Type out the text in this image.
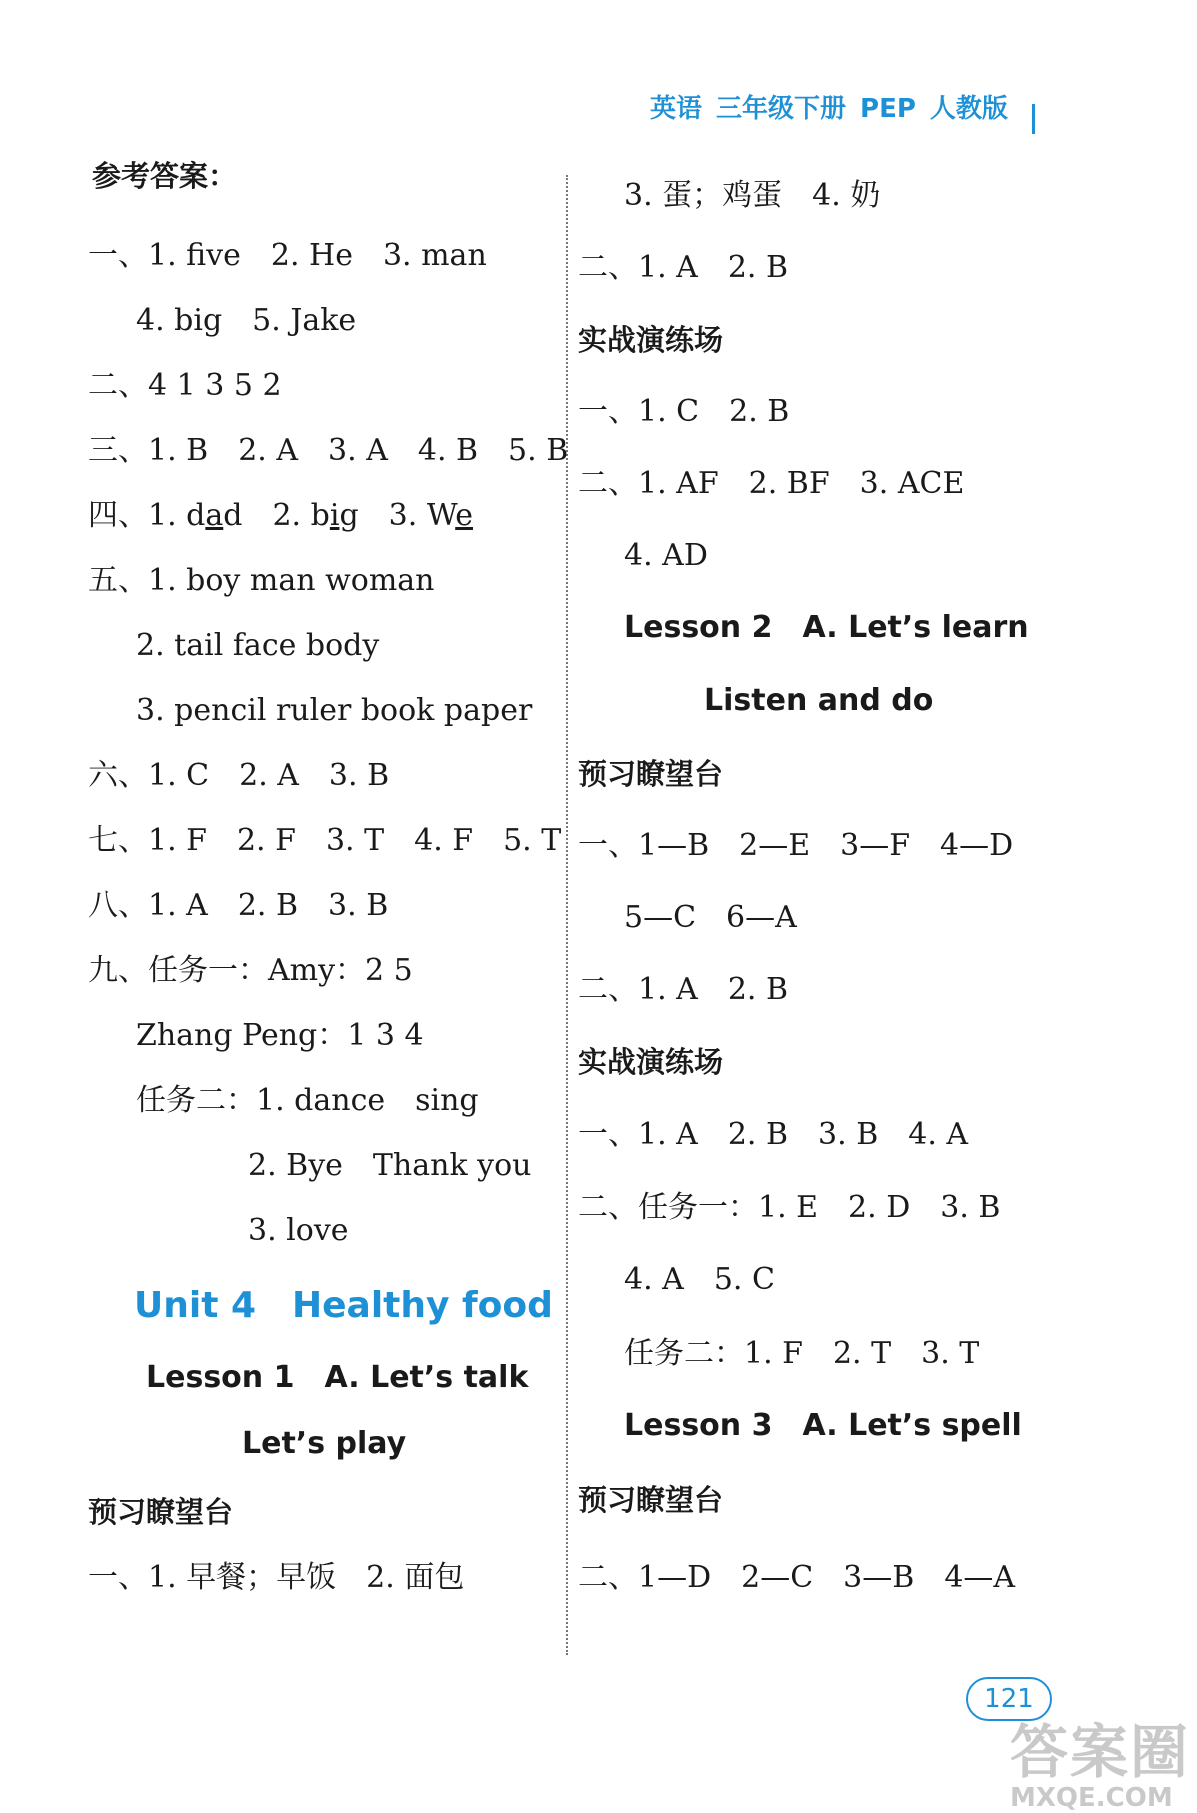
英语 三年级下册 PEP 人教版
参考答案：
一、1. five　2. He　3. man
4. big　5. Jake
二、4 1 3 5 2
三、1. B　2. A　3. A　4. B　5. B
四、1. dad　2. big　3. We
五、1. boy man woman
2. tail face body
3. pencil ruler book paper
六、1. C　2. A　3. B
七、1. F　2. F　3. T　4. F　5. T
八、1. A　2. B　3. B
九、任务一：Amy：2 5
Zhang Peng：1 3 4
任务二：1. dance　sing
2. Bye　Thank you
3. love
Unit 4　Healthy food
Lesson 1　A. Let’s talk
Let’s play
预习瞭望台
一、1. 早餐；早饭　2. 面包
3. 蛋；鸡蛋　4. 奶
二、1. A　2. B
实战演练场
一、1. C　2. B
二、1. AF　2. BF　3. ACE
4. AD
Lesson 2　A. Let’s learn
Listen and do
预习瞭望台
一、1—B　2—E　3—F　4—D
5—C　6—A
二、1. A　2. B
实战演练场
一、1. A　2. B　3. B　4. A
二、任务一：1. E　2. D　3. B
4. A　5. C
任务二：1. F　2. T　3. T
Lesson 3　A. Let’s spell
预习瞭望台
二、1—D　2—C　3—B　4—A
121
答案圈
MXQE.COM
